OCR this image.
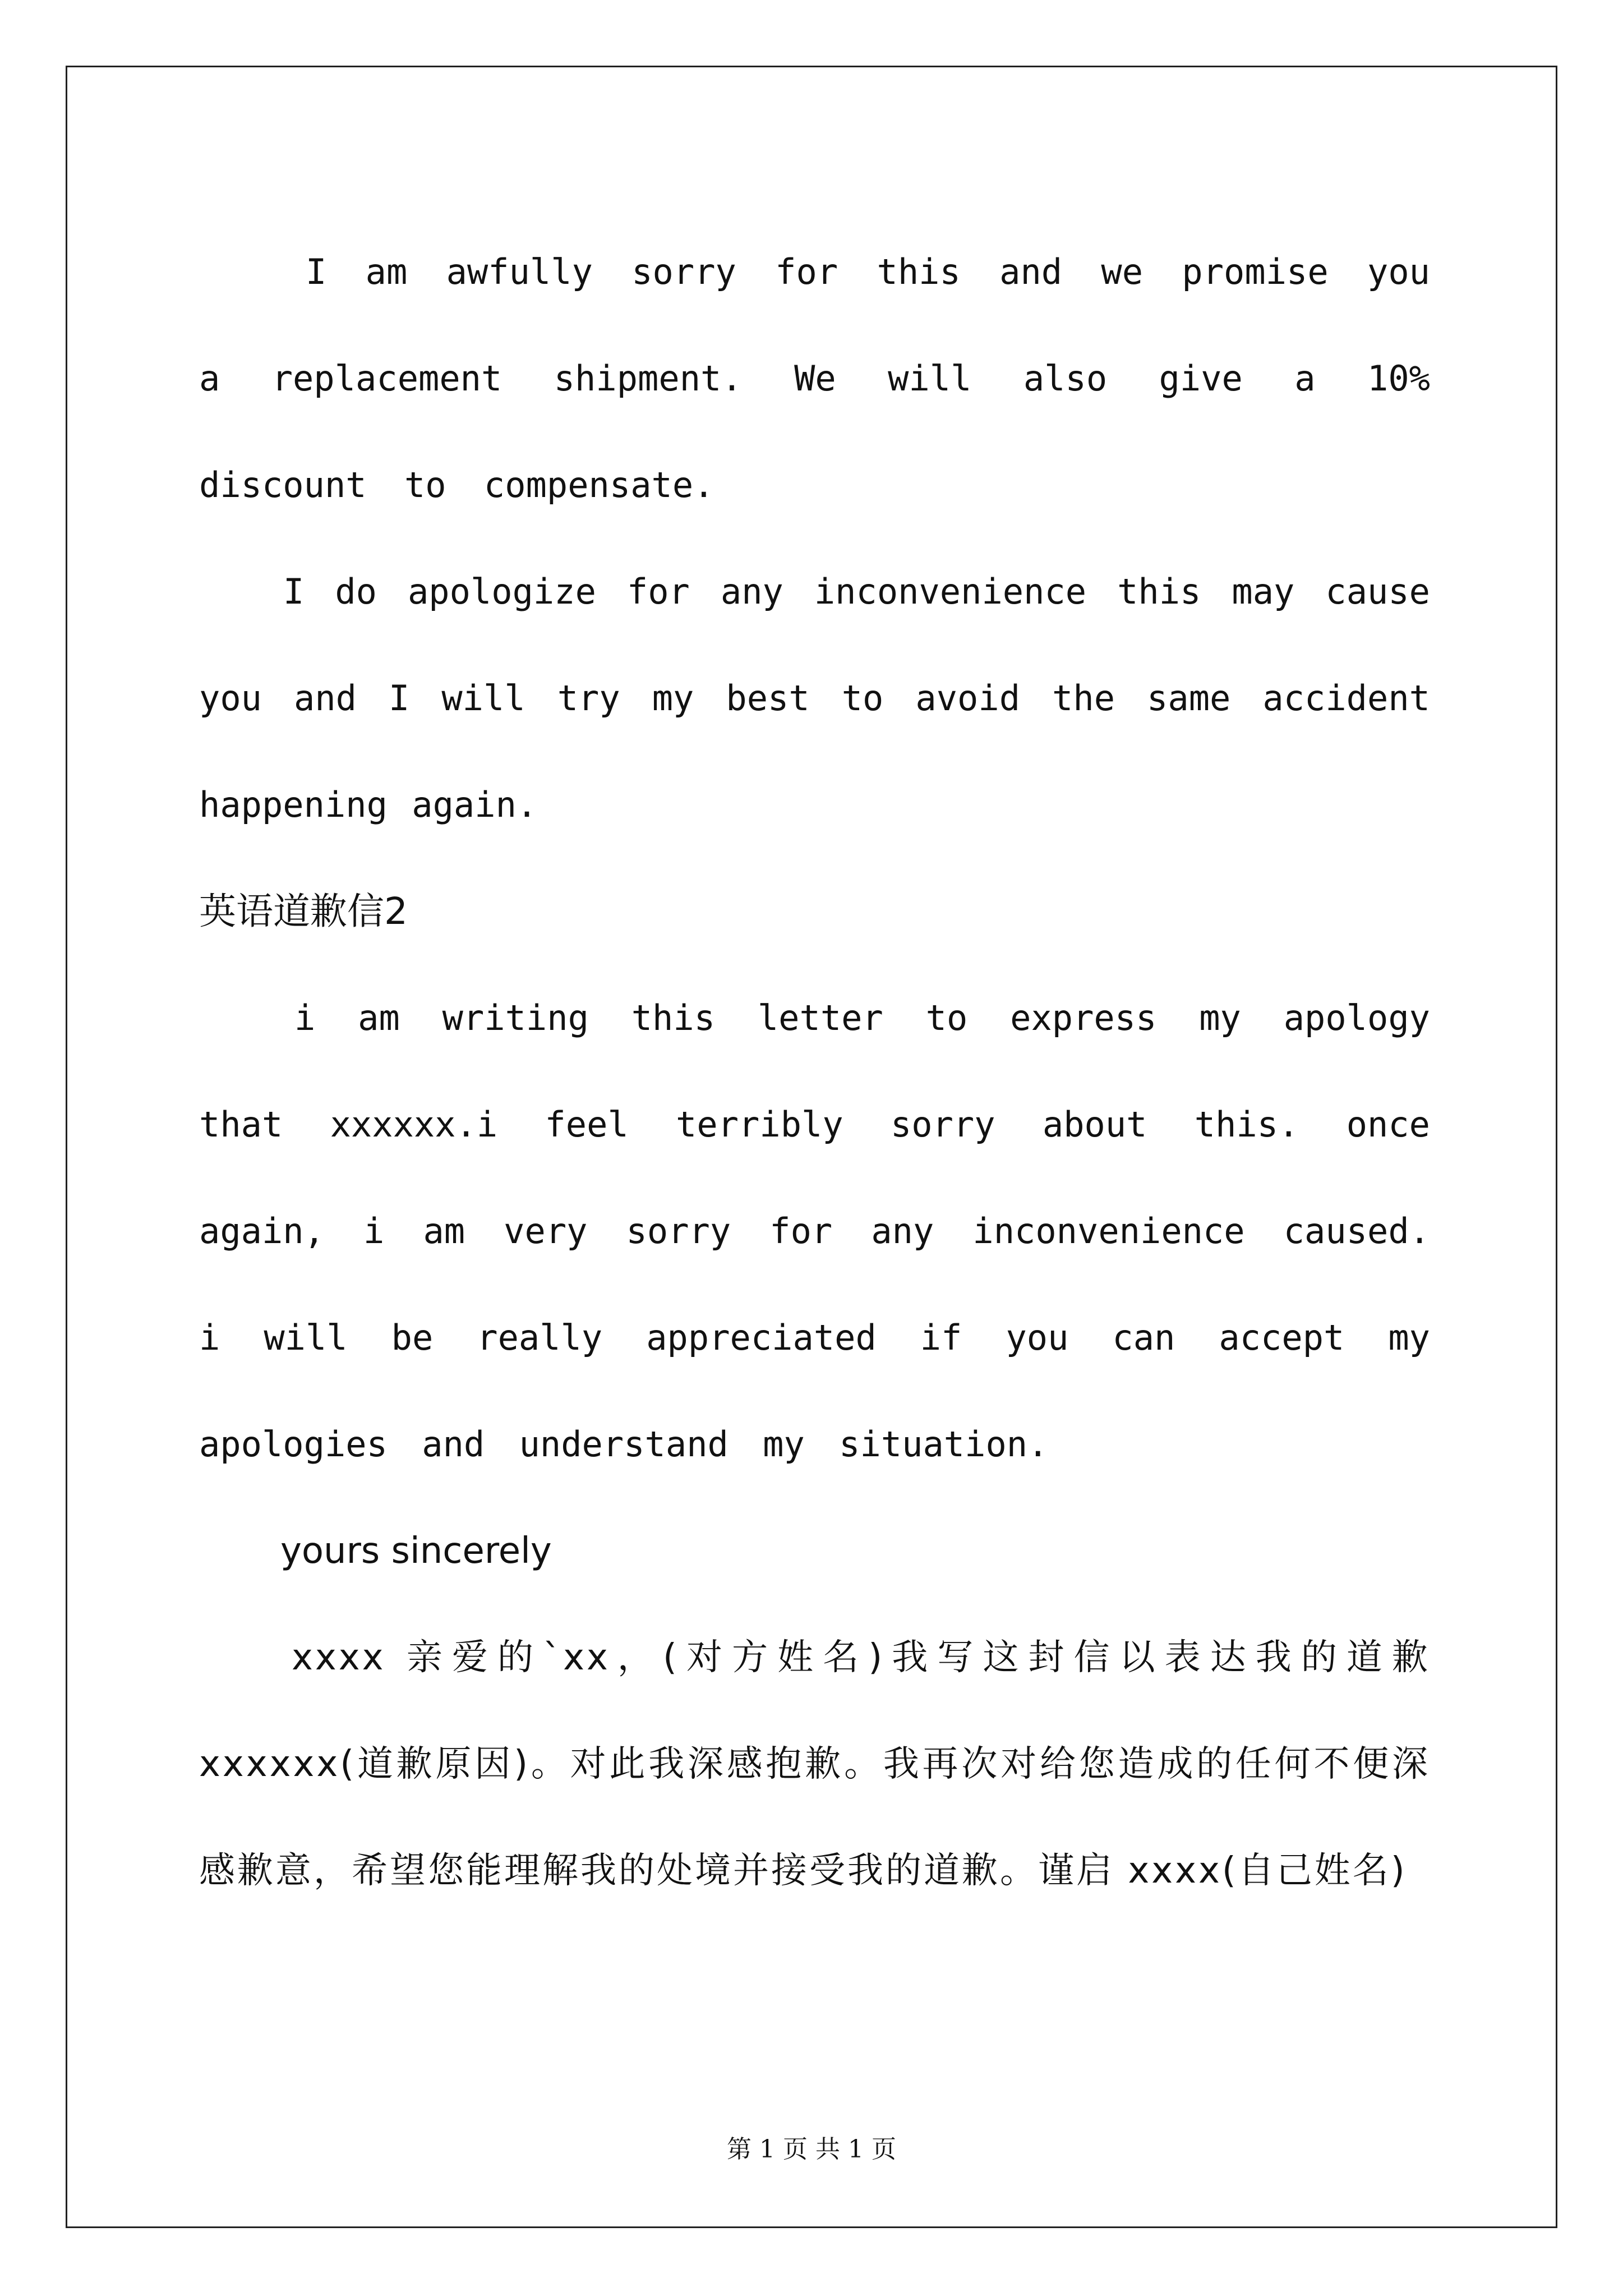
I am awfully sorry for this and we promise you a replacement shipment. We will also give a 10% discount to compensate.

I do apologize for any inconvenience this may cause you and I will try my best to avoid the same accident happening again.

英语道歉信2

i am writing this letter to express my apology that xxxxxx.i feel terribly sorry about this. once again, i am very sorry for any inconvenience caused. i will be really appreciated if you can accept my apologies and understand my situation.

yours sincerely

xxxx 亲爱的`xx，(对方姓名)我写这封信以表达我的道歉xxxxxx(道歉原因)。对此我深感抱歉。我再次对给您造成的任何不便深感歉意，希望您能理解我的处境并接受我的道歉。谨启 xxxx(自己姓名)

第 1 页 共 1 页
